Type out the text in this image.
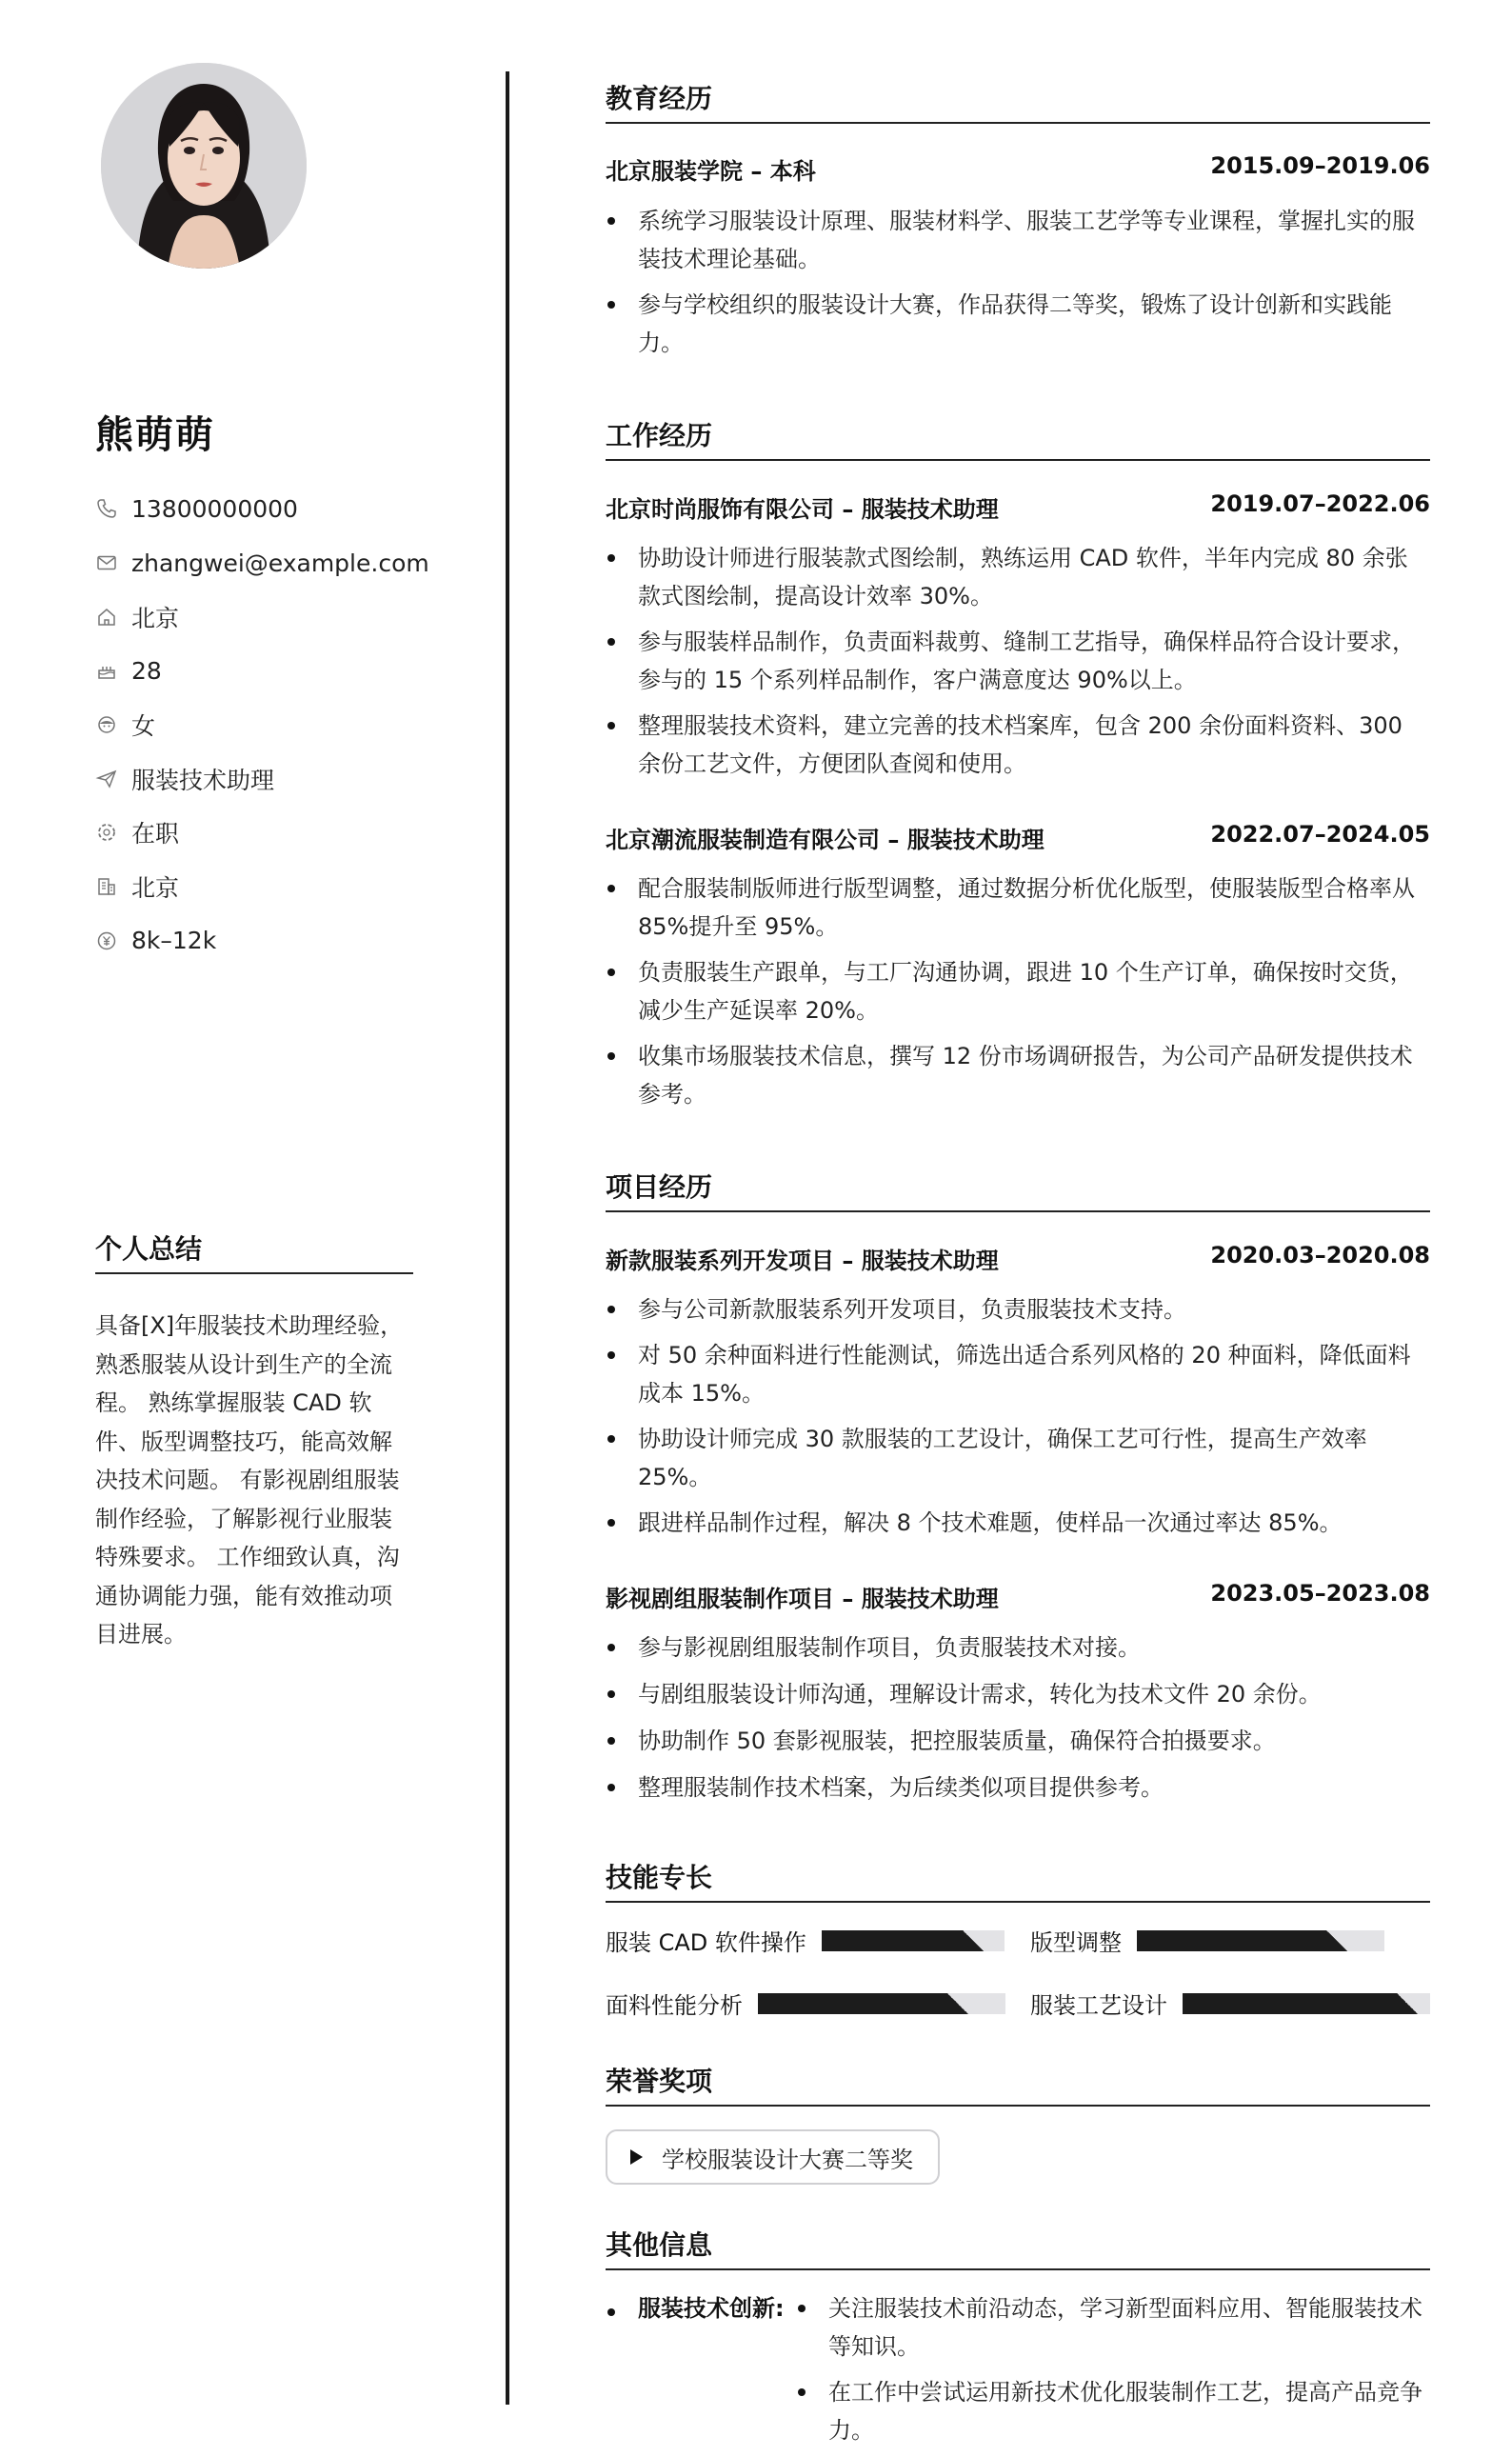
熊萌萌
13800000000
zhangwei@example.com
北京
28
女
服装技术助理
在职
北京
8k–12k
个人总结
具备[X]年服装技术助理经验，熟悉服装从设计到生产的全流程。 熟练掌握服装 CAD 软件、版型调整技巧，能高效解决技术问题。 有影视剧组服装制作经验，了解影视行业服装特殊要求。 工作细致认真，沟通协调能力强，能有效推动项目进展。
教育经历
北京服装学院 – 本科	2015.09–2019.06
系统学习服装设计原理、服装材料学、服装工艺学等专业课程，掌握扎实的服装技术理论基础。
参与学校组织的服装设计大赛，作品获得二等奖，锻炼了设计创新和实践能力。
工作经历
北京时尚服饰有限公司 – 服装技术助理	2019.07–2022.06
协助设计师进行服装款式图绘制，熟练运用 CAD 软件，半年内完成 80 余张款式图绘制，提高设计效率 30%。
参与服装样品制作，负责面料裁剪、缝制工艺指导，确保样品符合设计要求，参与的 15 个系列样品制作，客户满意度达 90%以上。
整理服装技术资料，建立完善的技术档案库，包含 200 余份面料资料、300 余份工艺文件，方便团队查阅和使用。
北京潮流服装制造有限公司 – 服装技术助理	2022.07–2024.05
配合服装制版师进行版型调整，通过数据分析优化版型，使服装版型合格率从 85%提升至 95%。
负责服装生产跟单，与工厂沟通协调，跟进 10 个生产订单，确保按时交货，减少生产延误率 20%。
收集市场服装技术信息，撰写 12 份市场调研报告，为公司产品研发提供技术参考。
项目经历
新款服装系列开发项目 – 服装技术助理	2020.03–2020.08
参与公司新款服装系列开发项目，负责服装技术支持。
对 50 余种面料进行性能测试，筛选出适合系列风格的 20 种面料，降低面料成本 15%。
协助设计师完成 30 款服装的工艺设计，确保工艺可行性，提高生产效率 25%。
跟进样品制作过程，解决 8 个技术难题，使样品一次通过率达 85%。
影视剧组服装制作项目 – 服装技术助理	2023.05–2023.08
参与影视剧组服装制作项目，负责服装技术对接。
与剧组服装设计师沟通，理解设计需求，转化为技术文件 20 余份。
协助制作 50 套影视服装，把控服装质量，确保符合拍摄要求。
整理服装制作技术档案，为后续类似项目提供参考。
技能专长
服装 CAD 软件操作	版型调整
面料性能分析	服装工艺设计
荣誉奖项
学校服装设计大赛二等奖
其他信息
服装技术创新:	关注服装技术前沿动态，学习新型面料应用、智能服装技术等知识。
在工作中尝试运用新技术优化服装制作工艺，提高产品竞争力。
